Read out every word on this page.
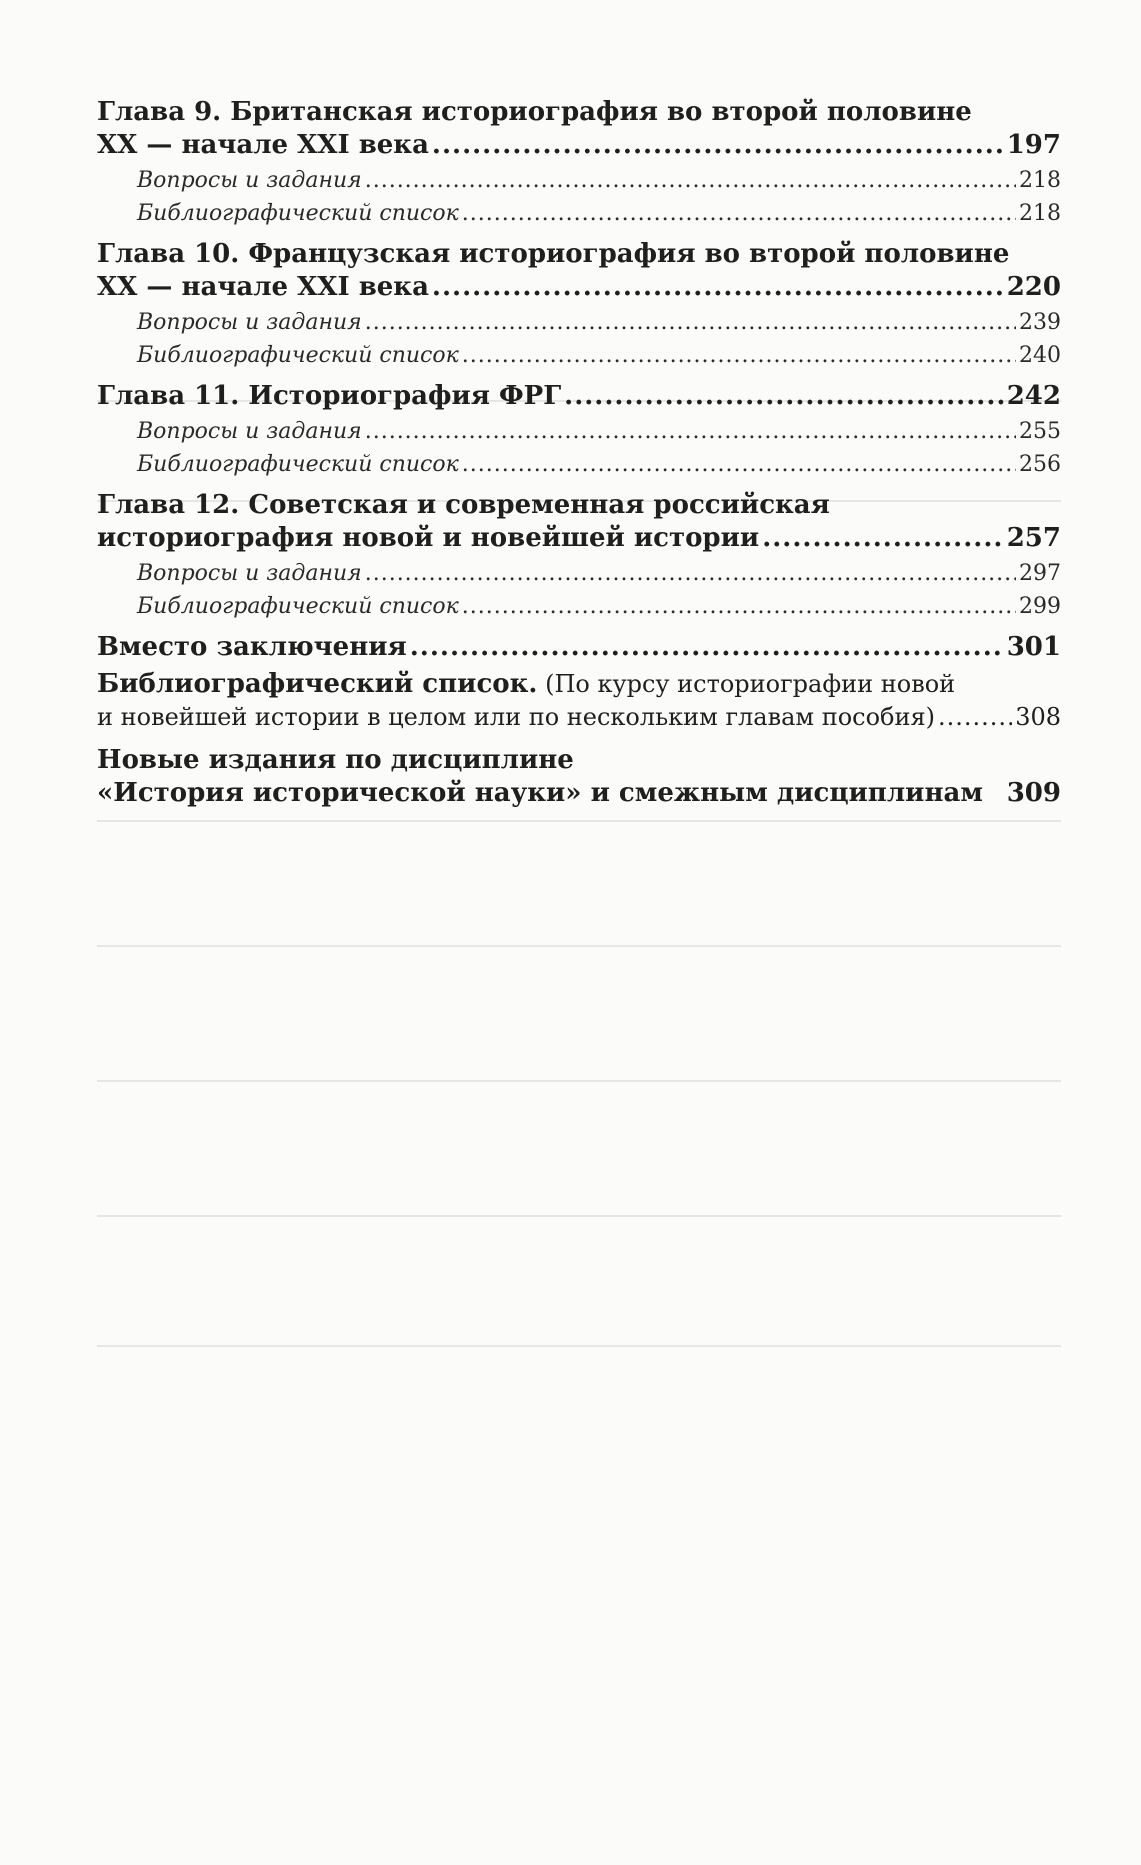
Глава 9. Британская историография во второй половине
XX — начале XXI века .....	197
Вопросы и задания .....	218
Библиографический список .....	218
Глава 10. Французская историография во второй половине
XX — начале XXI века .....	220
Вопросы и задания .....	239
Библиографический список .....	240
Глава 11. Историография ФРГ .....	242
Вопросы и задания .....	255
Библиографический список .....	256
Глава 12. Советская и современная российская
историография новой и новейшей истории .....	257
Вопросы и задания .....	297
Библиографический список .....	299
Вместо заключения .....	301
Библиографический список. (По курсу историографии новой
и новейшей истории в целом или по нескольким главам пособия) .....	308
Новые издания по дисциплине
«История исторической науки» и смежным дисциплинам 309
